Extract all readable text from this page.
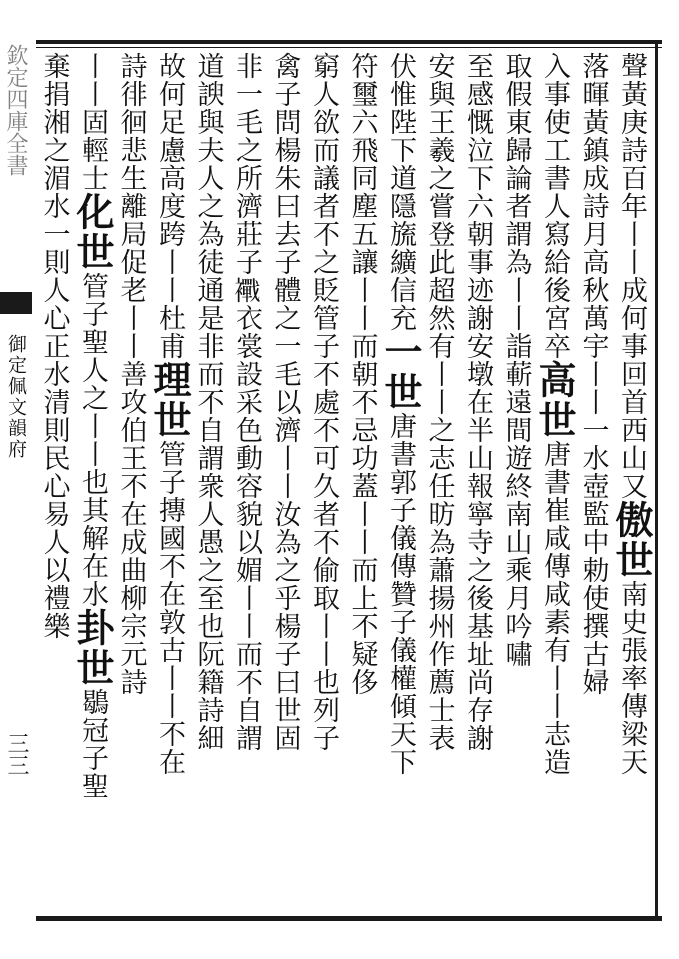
欽定四庫全書
御定佩文韻府
三三

聲黃庚詩百年丨丨成何事回首西山又傲世南史張率傳梁天

落暉黃鎮成詩月高秋萬宇丨丨一水壺監中勅使撰古婦

入事使工書人寫給後宮卒高世唐書崔咸傳咸素有丨丨志造

取假東歸論者謂為丨丨詣蔪遠間遊終南山乘月吟嘯

至感慨泣下六朝事迹謝安墩在半山報寧寺之後基址尚存謝

安與王羲之嘗登此超然有丨丨之志任昉為蕭揚州作薦士表

伏惟陛下道隱旒纊信充一世唐書郭子儀傳贊子儀權傾天下

符璽六飛同塵五讓丨丨而朝不忌功蓋丨丨而上不疑侈

窮人欲而議者不之貶管子不處不可久者不偷取丨丨也列子

禽子問楊朱曰去子體之一毛以濟丨丨汝為之乎楊子曰世固

非一毛之所濟莊子𧟀衣裳設采色動容貌以媚丨丨而不自謂

道諛與夫人之為徒通是非而不自謂衆人愚之至也阮籍詩細

故何足慮高度跨丨丨杜甫理世管子摶國不在敦古丨丨不在

詩徘徊悲生離局促老丨丨善攻伯王不在成曲柳宗元詩

丨丨固輕士化世管子聖人之丨丨也其解在水卦世鶡冠子聖

棄捐湘之湄水一則人心正水清則民心易人以禮樂
